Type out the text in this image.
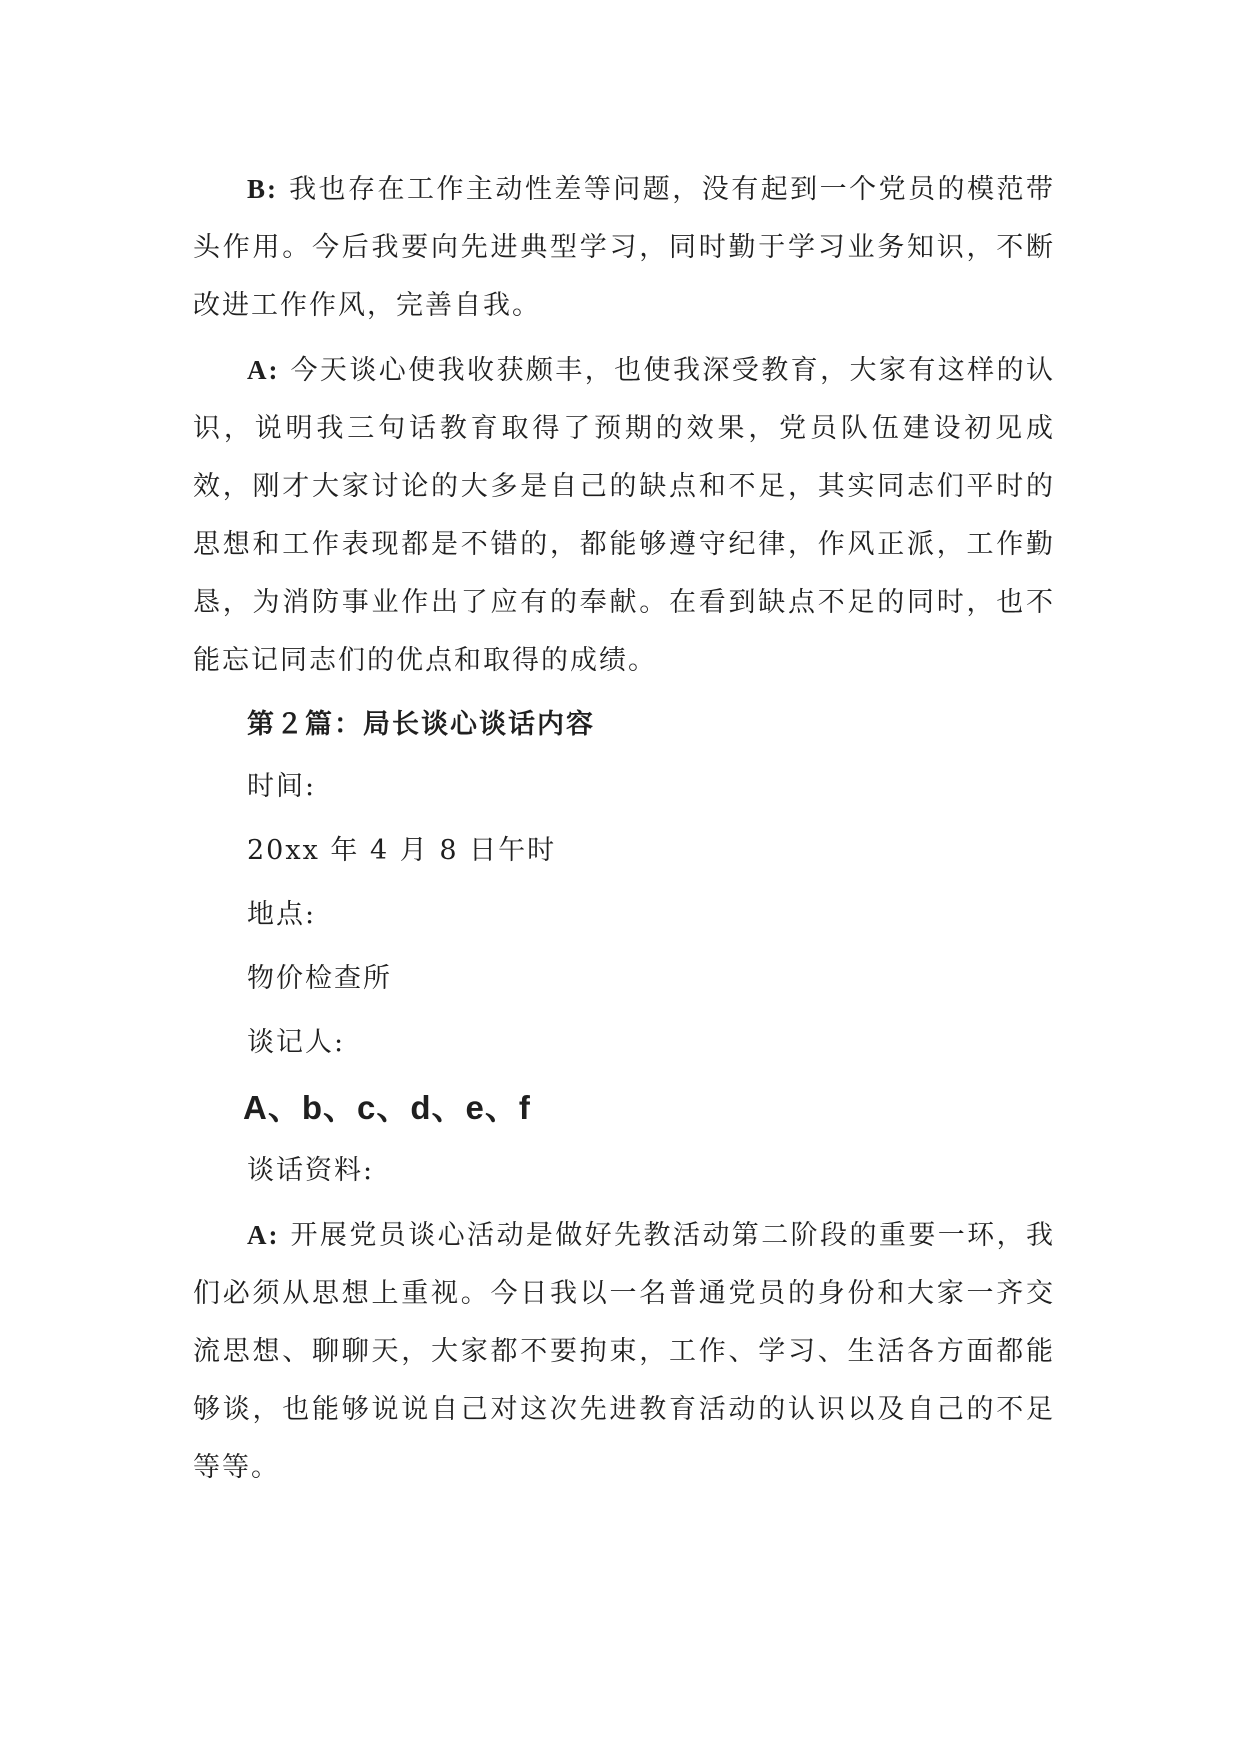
B: 我也存在工作主动性差等问题，没有起到一个党员的模范带头作用。今后我要向先进典型学习，同时勤于学习业务知识，不断改进工作作风，完善自我。

A: 今天谈心使我收获颇丰，也使我深受教育，大家有这样的认识，说明我三句话教育取得了预期的效果，党员队伍建设初见成效，刚才大家讨论的大多是自己的缺点和不足，其实同志们平时的思想和工作表现都是不错的，都能够遵守纪律，作风正派，工作勤恳，为消防事业作出了应有的奉献。在看到缺点不足的同时，也不能忘记同志们的优点和取得的成绩。

第２篇：局长谈心谈话内容

时间:

20xx 年 4 月 8 日午时

地点:

物价检查所

谈记人:

A、b、c、d、e、f

谈话资料:

A: 开展党员谈心活动是做好先教活动第二阶段的重要一环，我们必须从思想上重视。今日我以一名普通党员的身份和大家一齐交流思想、聊聊天，大家都不要拘束，工作、学习、生活各方面都能够谈，也能够说说自己对这次先进教育活动的认识以及自己的不足等等。
